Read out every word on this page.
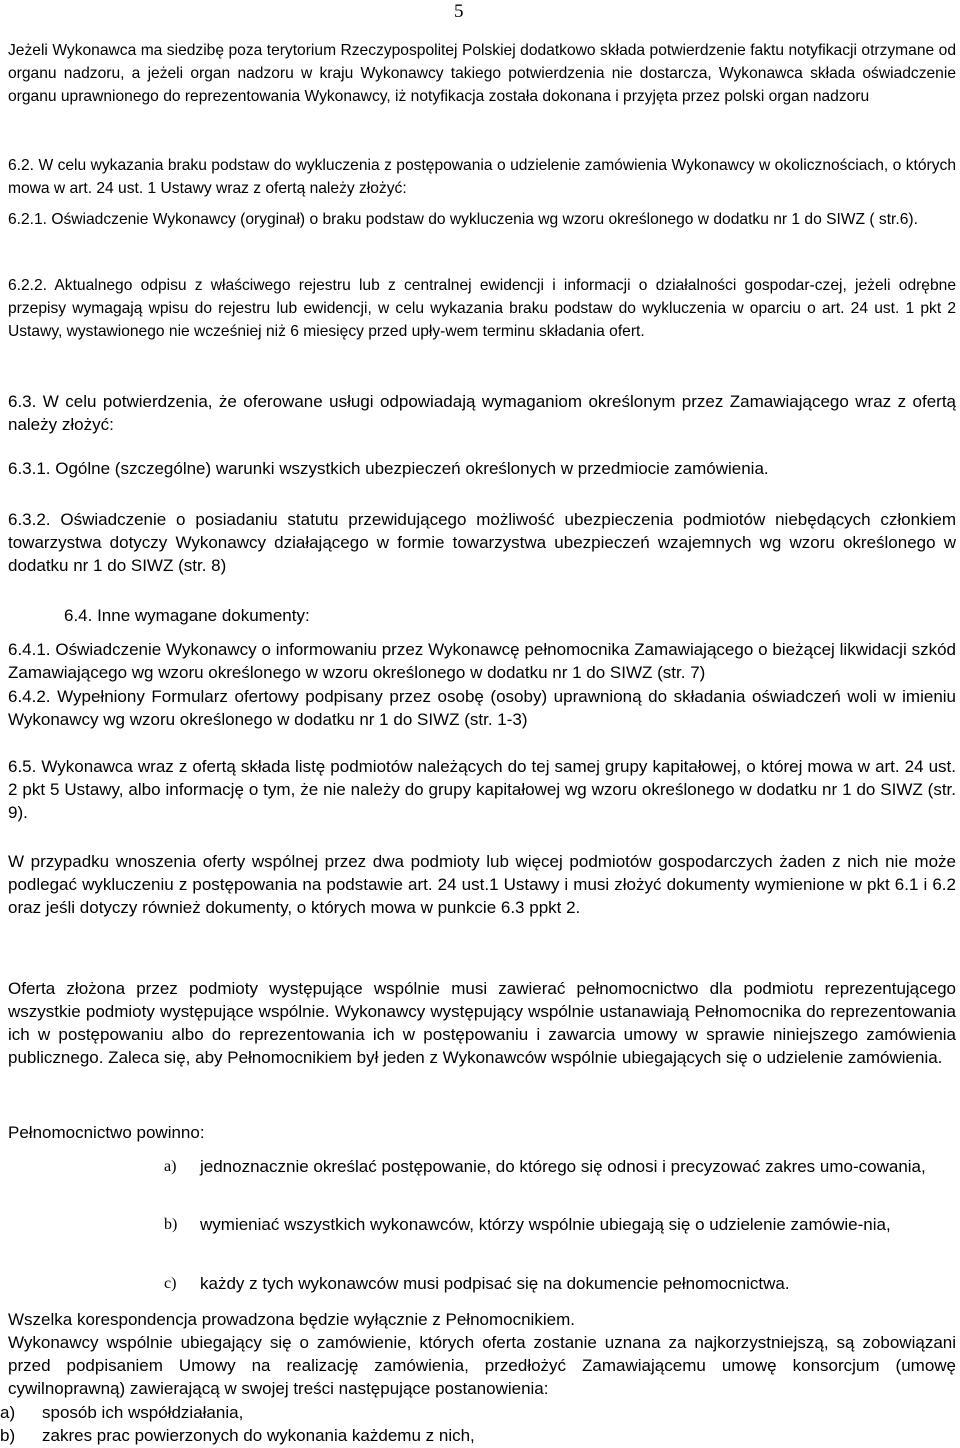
5
Jeżeli Wykonawca ma siedzibę poza terytorium Rzeczypospolitej Polskiej dodatkowo składa potwierdzenie faktu notyfikacji otrzymane od organu nadzoru, a jeżeli organ nadzoru w kraju Wykonawcy takiego potwierdzenia nie dostarcza, Wykonawca składa oświadczenie organu uprawnionego do reprezentowania Wykonawcy, iż notyfikacja została dokonana i przyjęta przez polski organ nadzoru
6.2. W celu wykazania braku podstaw do wykluczenia z postępowania o udzielenie zamówienia Wykonawcy w okolicznościach, o których mowa w art. 24 ust. 1 Ustawy wraz z ofertą należy złożyć:
6.2.1. Oświadczenie Wykonawcy (oryginał) o braku podstaw do wykluczenia wg wzoru określonego w dodatku nr 1 do SIWZ ( str.6).
6.2.2. Aktualnego odpisu z właściwego rejestru lub z centralnej ewidencji i informacji o działalności gospodar-czej, jeżeli odrębne przepisy wymagają wpisu do rejestru lub ewidencji, w celu wykazania braku podstaw do wykluczenia w oparciu o art. 24 ust. 1 pkt 2 Ustawy, wystawionego nie wcześniej niż 6 miesięcy przed upły-wem terminu składania ofert.
6.3. W celu potwierdzenia, że oferowane usługi odpowiadają wymaganiom określonym przez Zamawiającego wraz z ofertą należy złożyć:
6.3.1. Ogólne (szczególne) warunki wszystkich ubezpieczeń określonych w przedmiocie zamówienia.
6.3.2. Oświadczenie o posiadaniu statutu przewidującego możliwość ubezpieczenia podmiotów niebędących członkiem towarzystwa dotyczy Wykonawcy działającego w formie towarzystwa ubezpieczeń wzajemnych wg wzoru określonego w dodatku nr 1 do SIWZ (str. 8)
6.4. Inne wymagane dokumenty:
6.4.1. Oświadczenie Wykonawcy o informowaniu przez Wykonawcę pełnomocnika Zamawiającego o bieżącej likwidacji szkód Zamawiającego wg wzoru określonego w wzoru określonego w dodatku nr 1 do SIWZ (str. 7)
6.4.2. Wypełniony Formularz ofertowy podpisany przez osobę (osoby) uprawnioną do składania oświadczeń woli w imieniu Wykonawcy wg wzoru określonego w dodatku nr 1 do SIWZ (str. 1-3)
6.5. Wykonawca wraz z ofertą składa listę podmiotów należących do tej samej grupy kapitałowej, o której mowa w art. 24 ust. 2 pkt 5 Ustawy, albo informację o tym, że nie należy do grupy kapitałowej wg wzoru określonego w dodatku nr 1 do SIWZ (str. 9).
W przypadku wnoszenia oferty wspólnej przez dwa podmioty lub więcej podmiotów gospodarczych żaden z nich nie może podlegać wykluczeniu z postępowania na podstawie art. 24 ust.1 Ustawy i musi złożyć dokumenty wymienione w pkt 6.1 i 6.2 oraz jeśli dotyczy również dokumenty, o których mowa w punkcie 6.3 ppkt 2.
Oferta złożona przez podmioty występujące wspólnie musi zawierać pełnomocnictwo dla podmiotu reprezentującego wszystkie podmioty występujące wspólnie. Wykonawcy występujący wspólnie ustanawiają Pełnomocnika do reprezentowania ich w postępowaniu albo do reprezentowania ich w postępowaniu i zawarcia umowy w sprawie niniejszego zamówienia publicznego. Zaleca się, aby Pełnomocnikiem był jeden z Wykonawców wspólnie ubiegających się o udzielenie zamówienia.
Pełnomocnictwo powinno:
a) jednoznacznie określać postępowanie, do którego się odnosi i precyzować zakres umo-cowania,
b) wymieniać wszystkich wykonawców, którzy wspólnie ubiegają się o udzielenie zamówie-nia,
c) każdy z tych wykonawców musi podpisać się na dokumencie pełnomocnictwa.
Wszelka korespondencja prowadzona będzie wyłącznie z Pełnomocnikiem.
Wykonawcy wspólnie ubiegający się o zamówienie, których oferta zostanie uznana za najkorzystniejszą, są zobowiązani przed podpisaniem Umowy na realizację zamówienia, przedłożyć Zamawiającemu umowę konsorcjum (umowę cywilnoprawną) zawierającą w swojej treści następujące postanowienia:
a) sposób ich współdziałania,
b) zakres prac powierzonych do wykonania każdemu z nich,
